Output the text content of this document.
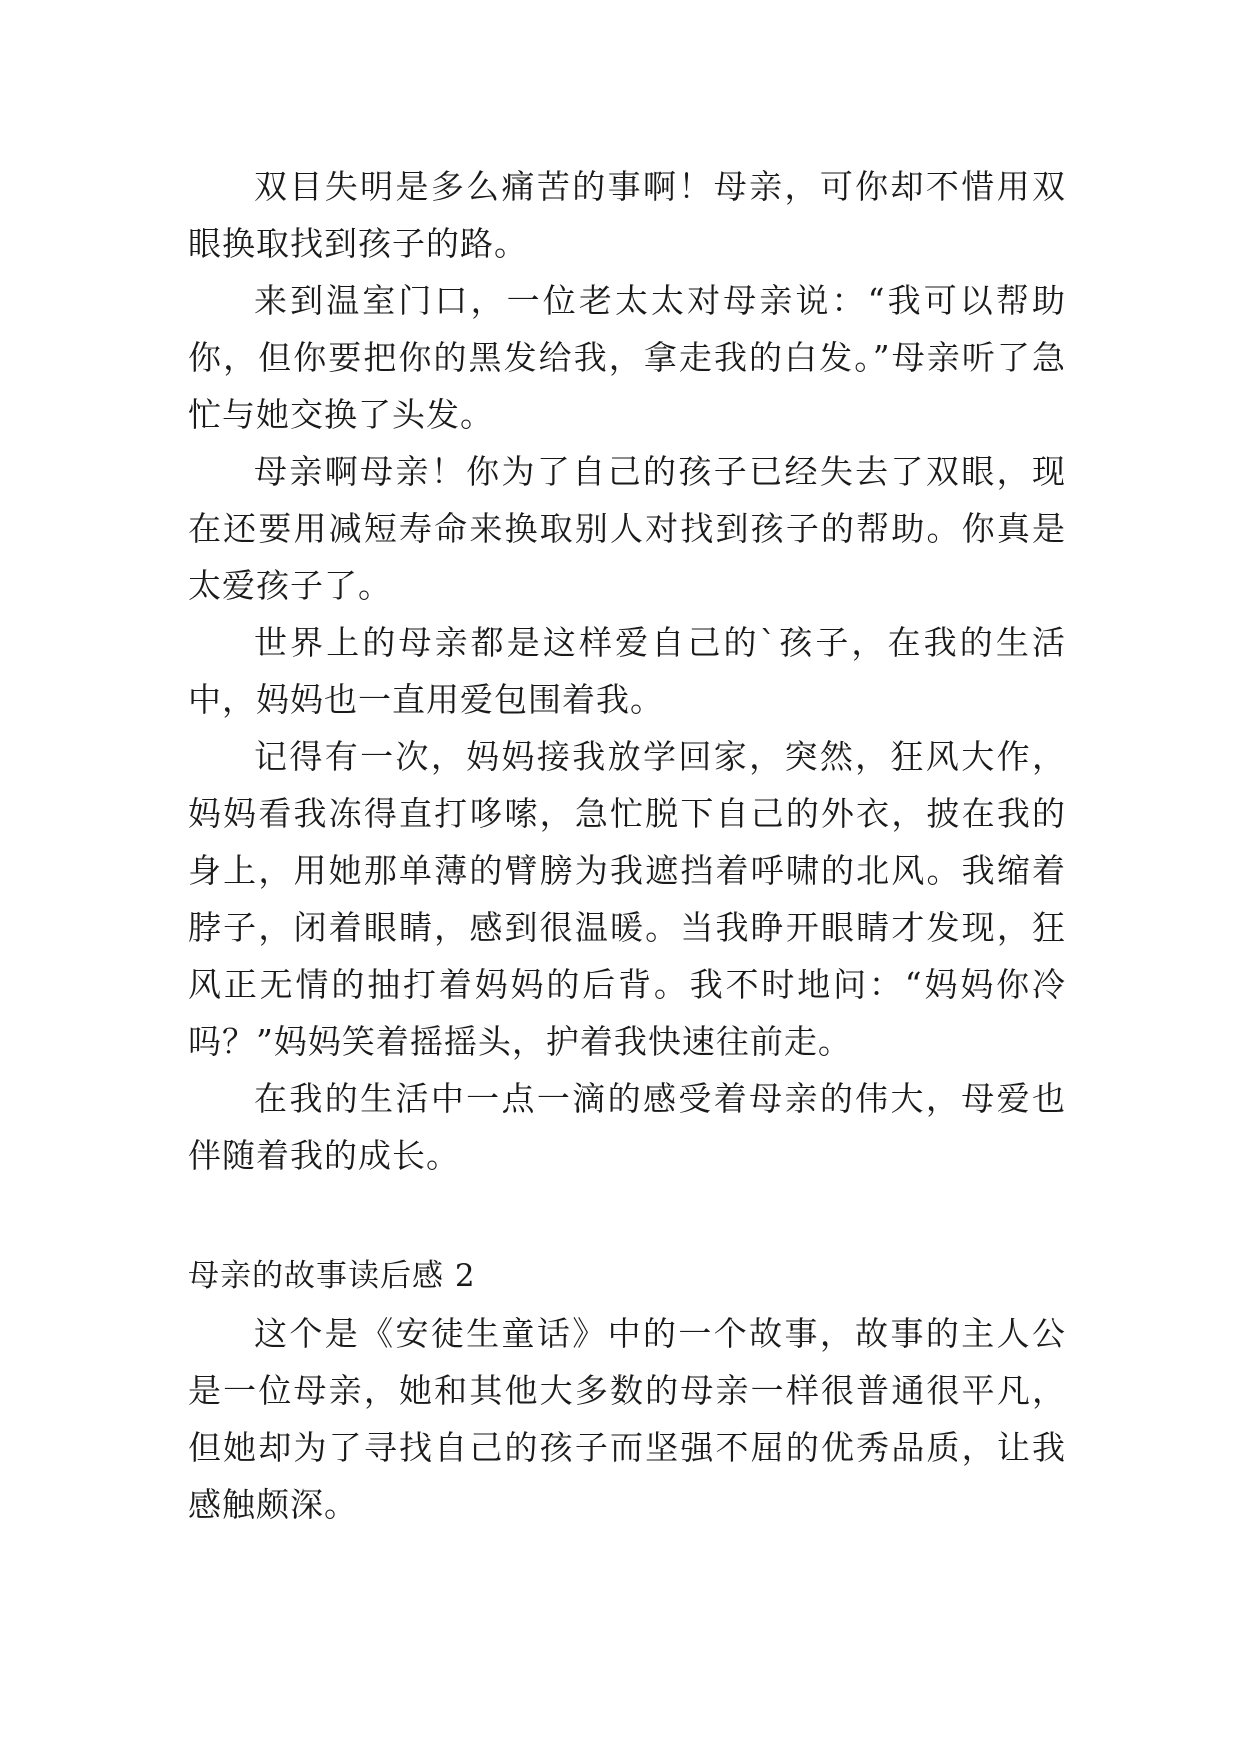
双目失明是多么痛苦的事啊！母亲，可你却不惜用双眼换取找到孩子的路。

来到温室门口，一位老太太对母亲说：“我可以帮助你，但你要把你的黑发给我，拿走我的白发。”母亲听了急忙与她交换了头发。

母亲啊母亲！你为了自己的孩子已经失去了双眼，现在还要用减短寿命来换取别人对找到孩子的帮助。你真是太爱孩子了。

世界上的母亲都是这样爱自己的`孩子，在我的生活中，妈妈也一直用爱包围着我。

记得有一次，妈妈接我放学回家，突然，狂风大作，妈妈看我冻得直打哆嗦，急忙脱下自己的外衣，披在我的身上，用她那单薄的臂膀为我遮挡着呼啸的北风。我缩着脖子，闭着眼睛，感到很温暖。当我睁开眼睛才发现，狂风正无情的抽打着妈妈的后背。我不时地问：“妈妈你冷吗？”妈妈笑着摇摇头，护着我快速往前走。

在我的生活中一点一滴的感受着母亲的伟大，母爱也伴随着我的成长。

母亲的故事读后感 2

这个是《安徒生童话》中的一个故事，故事的主人公是一位母亲，她和其他大多数的母亲一样很普通很平凡，但她却为了寻找自己的孩子而坚强不屈的优秀品质，让我感触颇深。
